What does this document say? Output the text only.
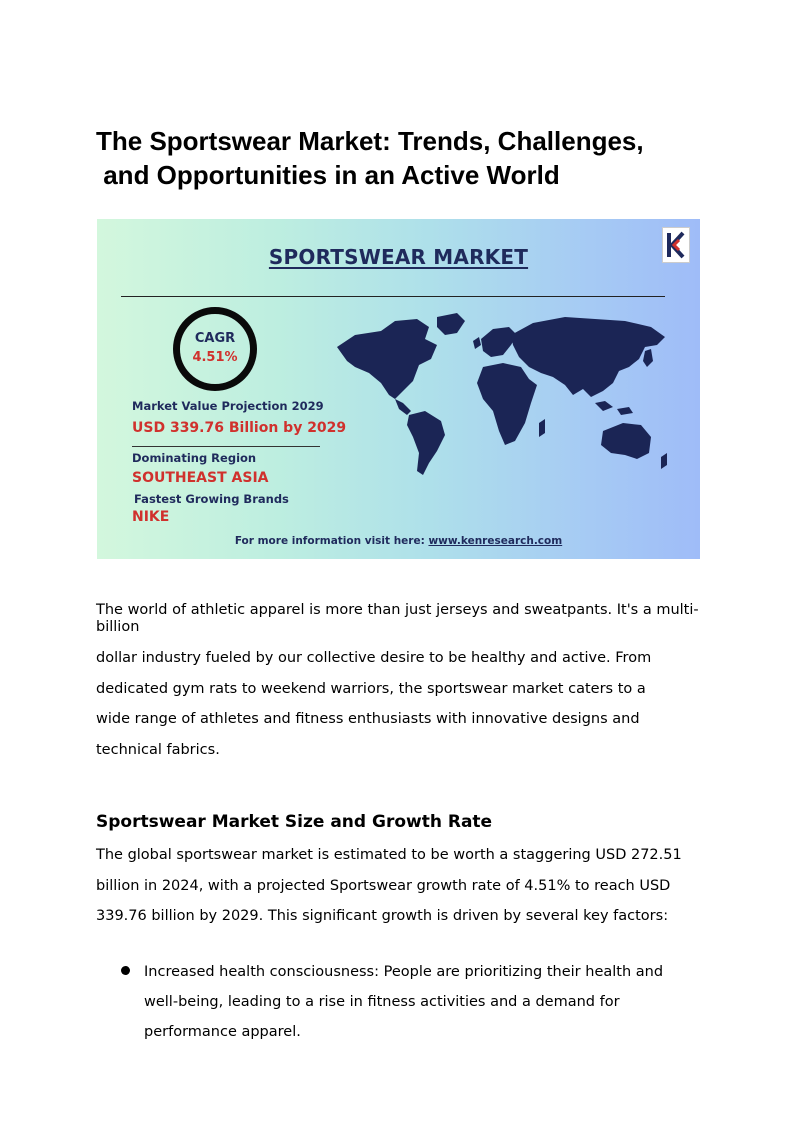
The Sportswear Market: Trends, Challenges,
and Opportunities in an Active World
SPORTSWEAR MARKET
CAGR
4.51%
Market Value Projection 2029
USD 339.76 Billion by 2029
Dominating Region
SOUTHEAST ASIA
Fastest Growing Brands
NIKE
For more information visit here: www.kenresearch.com
The world of athletic apparel is more than just jerseys and sweatpants. It's a multi-billion
dollar industry fueled by our collective desire to be healthy and active. From
dedicated gym rats to weekend warriors, the sportswear market caters to a
wide range of athletes and fitness enthusiasts with innovative designs and
technical fabrics.
Sportswear Market Size and Growth Rate
The global sportswear market is estimated to be worth a staggering USD 272.51
billion in 2024, with a projected Sportswear growth rate of 4.51% to reach USD
339.76 billion by 2029. This significant growth is driven by several key factors:
Increased health consciousness: People are prioritizing their health and
well-being, leading to a rise in fitness activities and a demand for
performance apparel.
